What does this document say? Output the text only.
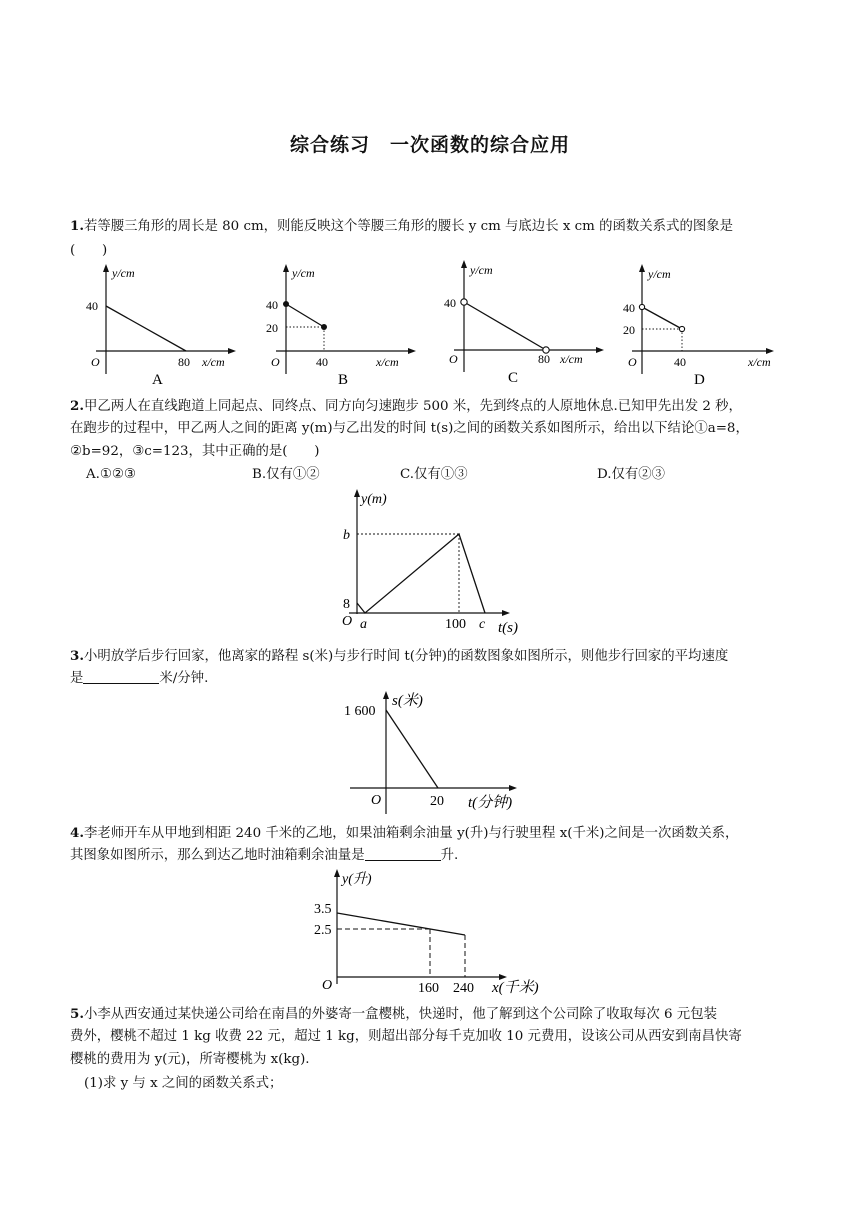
综合练习　一次函数的综合应用
1.若等腰三角形的周长是 80 cm，则能反映这个等腰三角形的腰长 y cm 与底边长 x cm 的函数关系式的图象是
(　　)
y/cm
40
O	80 x/cm
A
y/cm
40
20
O	40	x/cm
B
y/cm
40
O	80 x/cm
C
y/cm
40
20
O	40	x/cm
D
2.甲乙两人在直线跑道上同起点、同终点、同方向匀速跑步 500 米，先到终点的人原地休息.已知甲先出发 2 秒，
在跑步的过程中，甲乙两人之间的距离 y(m)与乙出发的时间 t(s)之间的函数关系如图所示，给出以下结论①a=8，
②b=92，③c=123，其中正确的是(　　)
A.①②③	B.仅有①②	C.仅有①③	D.仅有②③
y(m)
b
8
O a	100 c t(s)
3.小明放学后步行回家，他离家的路程 s(米)与步行时间 t(分钟)的函数图象如图所示，则他步行回家的平均速度
是	米/分钟.
s(米)
1 600
O	20 t(分钟)
4.李老师开车从甲地到相距 240 千米的乙地，如果油箱剩余油量 y(升)与行驶里程 x(千米)之间是一次函数关系，
其图象如图所示，那么到达乙地时油箱剩余油量是	升.
y(升)
3.5
2.5
O	160 240 x(千米)
5.小李从西安通过某快递公司给在南昌的外婆寄一盒樱桃，快递时，他了解到这个公司除了收取每次 6 元包装
费外，樱桃不超过 1 kg 收费 22 元，超过 1 kg，则超出部分每千克加收 10 元费用，设该公司从西安到南昌快寄
樱桃的费用为 y(元)，所寄樱桃为 x(kg).
(1)求 y 与 x 之间的函数关系式；
